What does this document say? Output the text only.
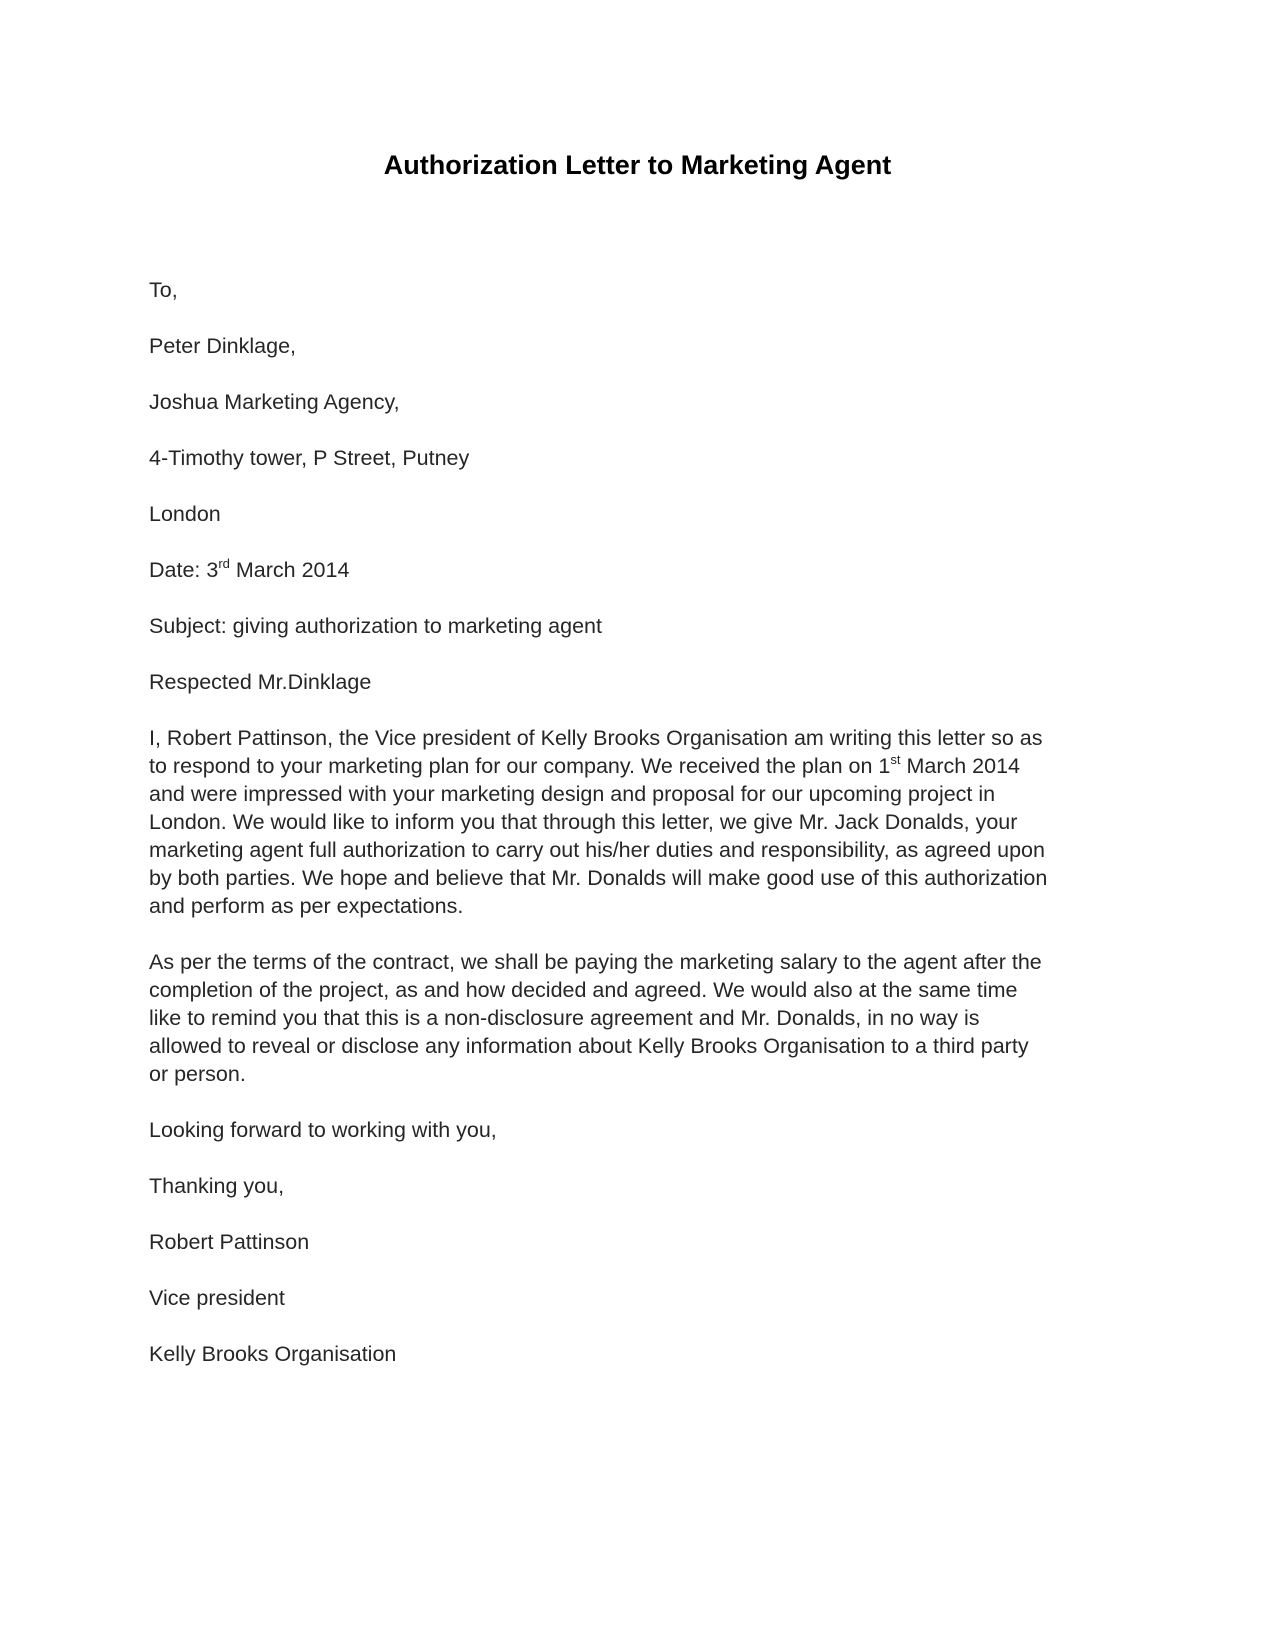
Authorization Letter to Marketing Agent
To,
Peter Dinklage,
Joshua Marketing Agency,
4-Timothy tower, P Street, Putney
London
Date: 3rd March 2014
Subject: giving authorization to marketing agent
Respected Mr.Dinklage
I, Robert Pattinson, the Vice president of Kelly Brooks Organisation am writing this letter so as
to respond to your marketing plan for our company. We received the plan on 1st March 2014
and were impressed with your marketing design and proposal for our upcoming project in
London. We would like to inform you that through this letter, we give Mr. Jack Donalds, your
marketing agent full authorization to carry out his/her duties and responsibility, as agreed upon
by both parties. We hope and believe that Mr. Donalds will make good use of this authorization
and perform as per expectations.
As per the terms of the contract, we shall be paying the marketing salary to the agent after the
completion of the project, as and how decided and agreed. We would also at the same time
like to remind you that this is a non-disclosure agreement and Mr. Donalds, in no way is
allowed to reveal or disclose any information about Kelly Brooks Organisation to a third party
or person.
Looking forward to working with you,
Thanking you,
Robert Pattinson
Vice president
Kelly Brooks Organisation
